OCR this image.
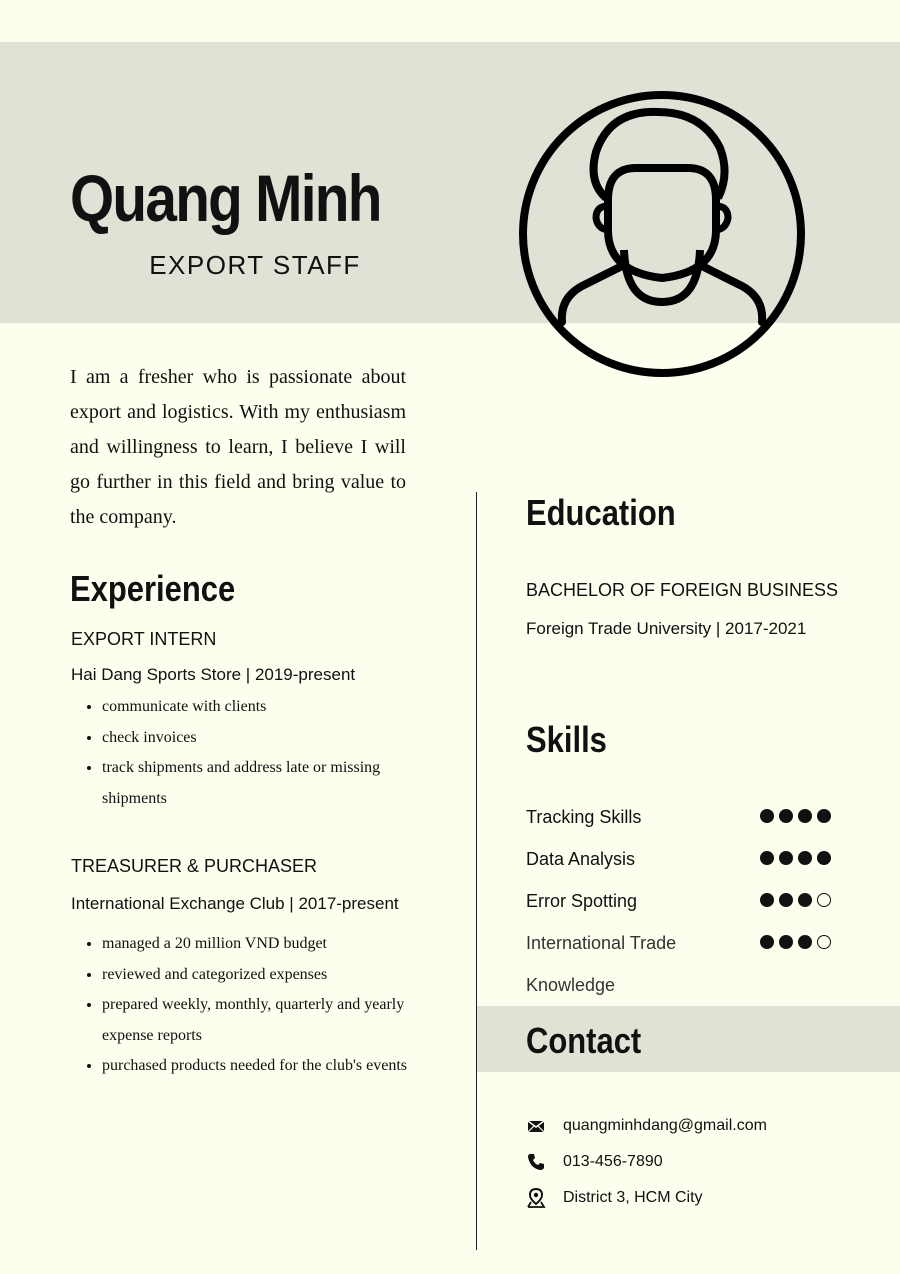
Quang Minh
EXPORT STAFF
I am a fresher who is passionate about export and logistics. With my enthusiasm and willingness to learn, I believe I will go further in this field and bring value to the company.
Experience
EXPORT INTERN
Hai Dang Sports Store | 2019-present
• communicate with clients
• check invoices
• track shipments and address late or missing shipments
TREASURER & PURCHASER
International Exchange Club | 2017-present
• managed a 20 million VND budget
• reviewed and categorized expenses
• prepared weekly, monthly, quarterly and yearly expense reports
• purchased products needed for the club's events
Education
BACHELOR OF FOREIGN BUSINESS
Foreign Trade University | 2017-2021
Skills
Tracking Skills
Data Analysis
Error Spotting
International Trade Knowledge
Contact
quangminhdang@gmail.com
013-456-7890
District 3, HCM City
